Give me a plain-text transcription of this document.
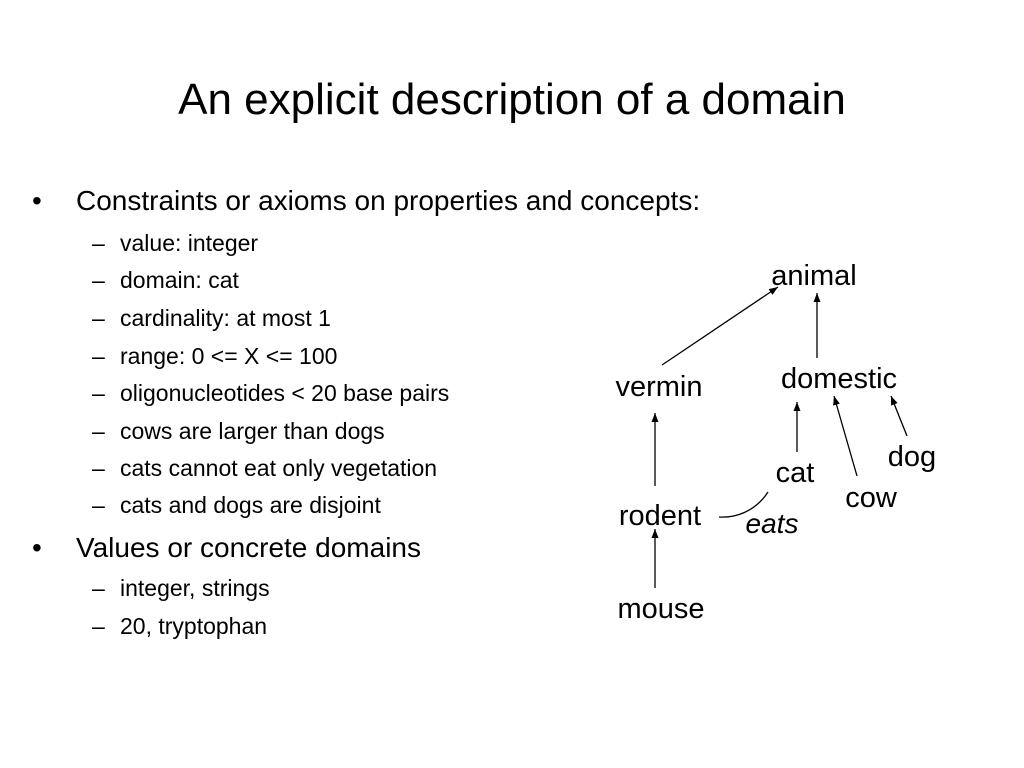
An explicit description of a domain
• Constraints or axioms on properties and concepts:
– value: integer
– domain: cat
– cardinality: at most 1
– range: 0 <= X <= 100
– oligonucleotides < 20 base pairs
– cows are larger than dogs
– cats cannot eat only vegetation
– cats and dogs are disjoint
• Values or concrete domains
– integer, strings
– 20, tryptophan
animal
vermin	domestic
dog
cat
cow
rodent
mouse
eats
